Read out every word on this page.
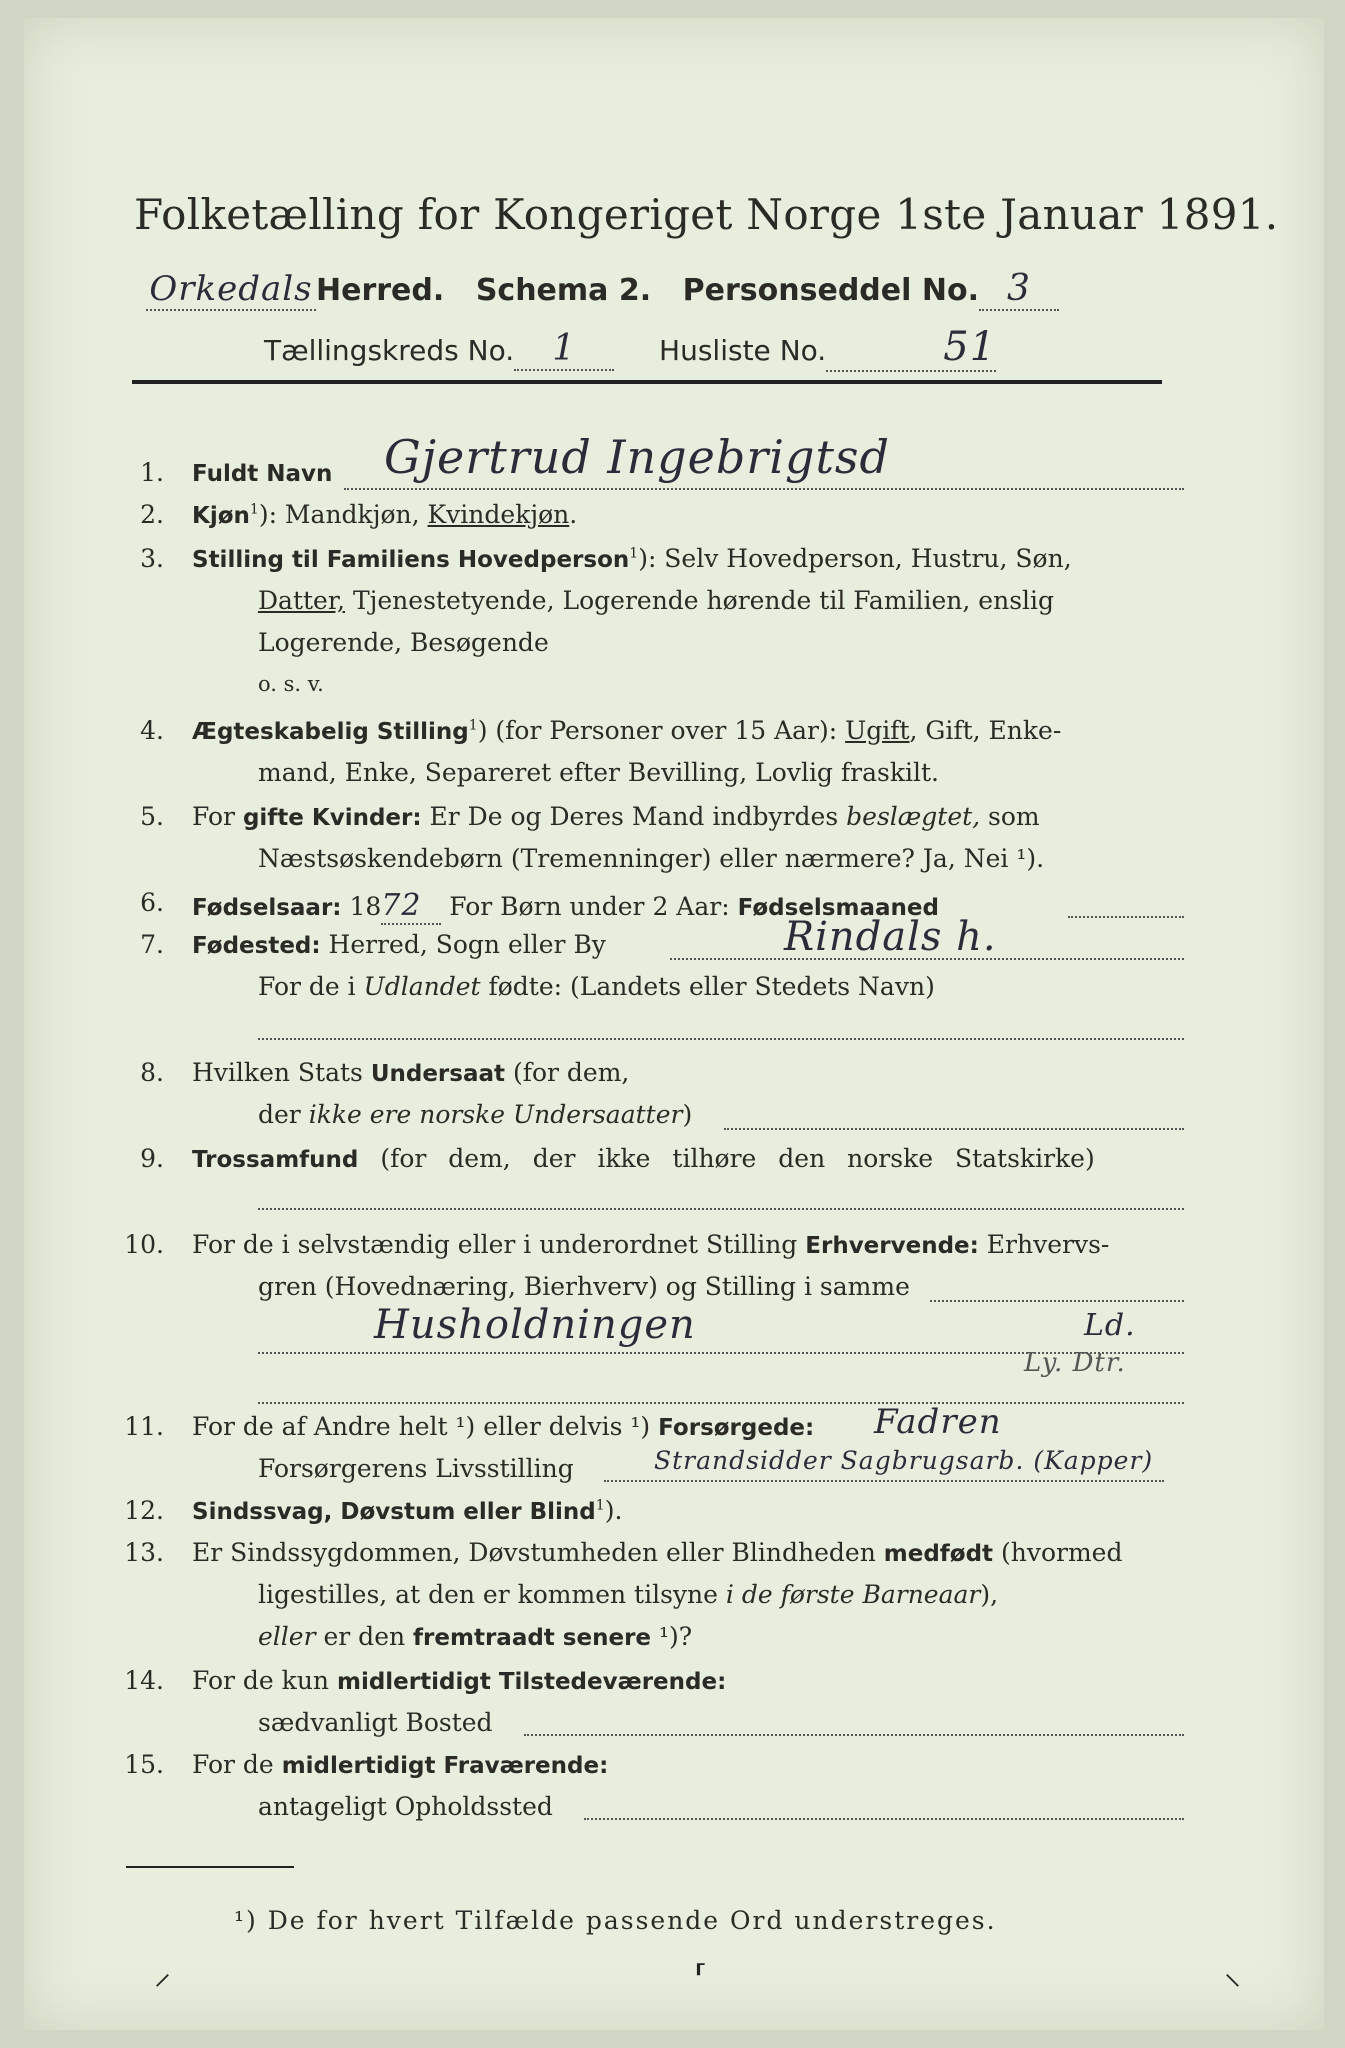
Folketælling for Kongeriget Norge 1ste Januar 1891.
Orkedals Herred. Schema 2. Personseddel No. 3
Tællingskreds No. 1	Husliste No.	51
1. Fuldt Navn Gjertrud Ingebrigtsd
2. Kjøn$^1$): Mandkjøn, Kvindekjøn.
3. Stilling til Familiens Hovedperson$^1$): Selv Hovedperson, Hustru, Søn,
Datter, Tjenestetyende, Logerende hørende til Familien, enslig
Logerende, Besøgende
o. s. v.
4. Ægteskabelig Stilling$^1$) (for Personer over 15 Aar): Ugift, Gift, Enke-
mand, Enke, Separeret efter Bevilling, Lovlig fraskilt.
5. For gifte Kvinder: Er De og Deres Mand indbyrdes beslægtet, som
Næstsøskendebørn (Tremenninger) eller nærmere? Ja, Nei ¹).
6. Fødselsaar: 1872 For Børn under 2 Aar: Fødselsmaaned
7. Fødested: Herred, Sogn eller By	Rindals h.
For de i Udlandet fødte: (Landets eller Stedets Navn)
8. Hvilken Stats Undersaat (for dem,
der ikke ere norske Undersaatter)
9. Trossamfund (for dem, der ikke tilhøre den norske Statskirke)
10. For de i selvstændig eller i underordnet Stilling Erhvervende: Erhvervs-
gren (Hovednæring, Bierhverv) og Stilling i samme
Husholdningen	Ld.
Ly. Dtr.
11. For de af Andre helt ¹) eller delvis ¹) Forsørgede: Fadren
Forsørgerens Livsstilling	Strandsidder Sagbrugsarb. (Kapper)
12. Sindssvag, Døvstum eller Blind$^1$).
13. Er Sindssygdommen, Døvstumheden eller Blindheden medfødt (hvormed
ligestilles, at den er kommen tilsyne i de første Barneaar),
eller er den fremtraadt senere ¹)?
14. For de kun midlertidigt Tilstedeværende:
sædvanligt Bosted
15. For de midlertidigt Fraværende:
antageligt Opholdssted
¹) De for hvert Tilfælde passende Ord understreges.
⸝	⸢	⸜
